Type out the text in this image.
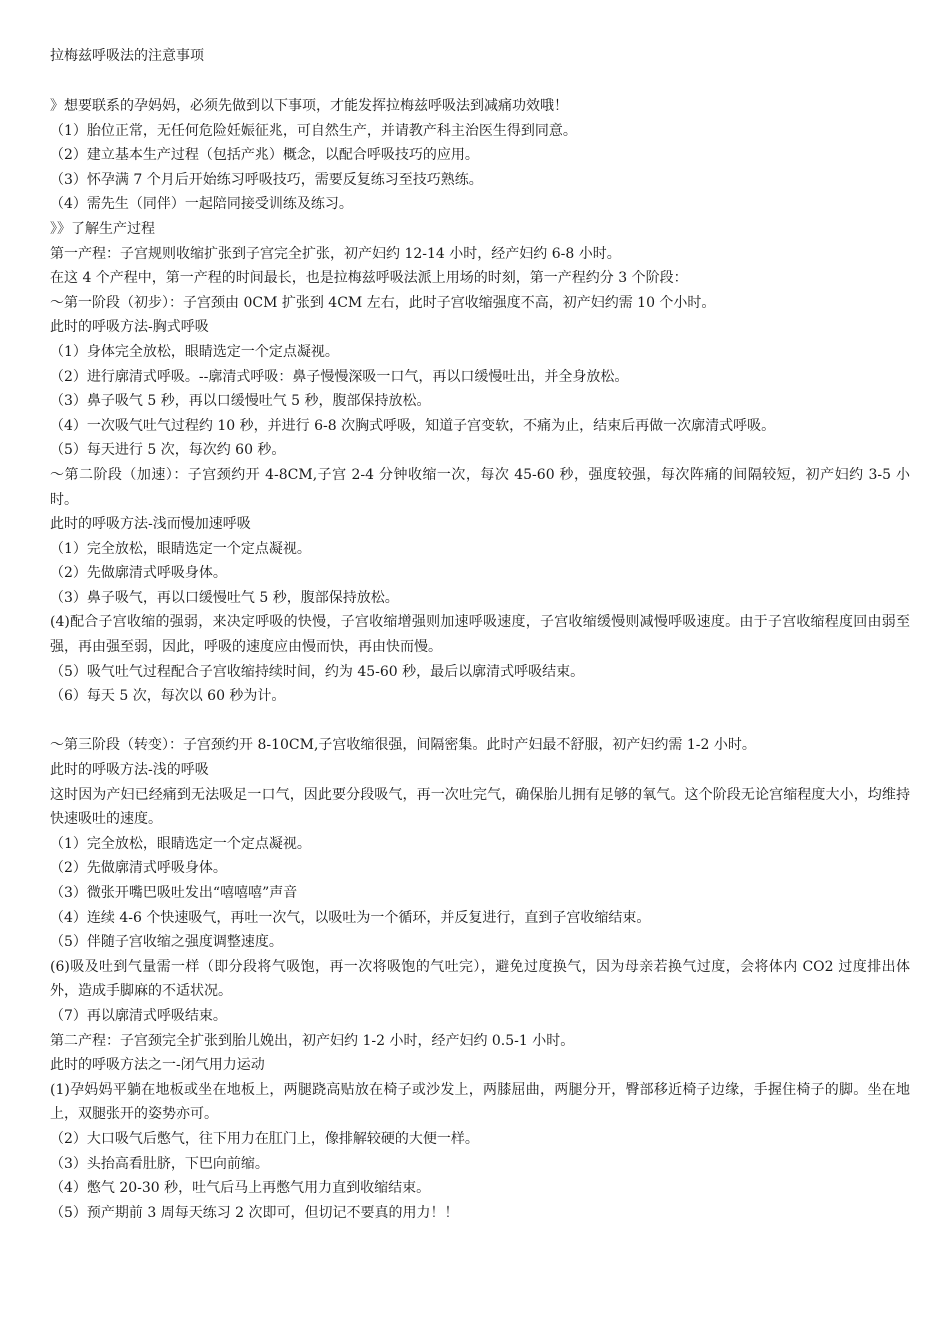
拉梅兹呼吸法的注意事项
》想要联系的孕妈妈，必须先做到以下事项，才能发挥拉梅兹呼吸法到减痛功效哦！
（1）胎位正常，无任何危险妊娠征兆，可自然生产，并请教产科主治医生得到同意。
（2）建立基本生产过程（包括产兆）概念，以配合呼吸技巧的应用。
（3）怀孕满 7 个月后开始练习呼吸技巧，需要反复练习至技巧熟练。
（4）需先生（同伴）一起陪同接受训练及练习。
》》了解生产过程
第一产程：子宫规则收缩扩张到子宫完全扩张，初产妇约 12-14 小时，经产妇约 6-8 小时。
在这 4 个产程中，第一产程的时间最长，也是拉梅兹呼吸法派上用场的时刻，第一产程约分 3 个阶段：
～第一阶段（初步）：子宫颈由 0CM 扩张到 4CM 左右，此时子宫收缩强度不高，初产妇约需 10 个小时。
此时的呼吸方法-胸式呼吸
（1）身体完全放松，眼睛选定一个定点凝视。
（2）进行廓清式呼吸。--廓清式呼吸：鼻子慢慢深吸一口气，再以口缓慢吐出，并全身放松。
（3）鼻子吸气 5 秒，再以口缓慢吐气 5 秒，腹部保持放松。
（4）一次吸气吐气过程约 10 秒，并进行 6-8 次胸式呼吸，知道子宫变软，不痛为止，结束后再做一次廓清式呼吸。
（5）每天进行 5 次，每次约 60 秒。
～第二阶段（加速）：子宫颈约开 4-8CM,子宫 2-4 分钟收缩一次，每次 45-60 秒，强度较强，每次阵痛的间隔较短，初产妇约 3-5 小时。
此时的呼吸方法-浅而慢加速呼吸
（1）完全放松，眼睛选定一个定点凝视。
（2）先做廓清式呼吸身体。
（3）鼻子吸气，再以口缓慢吐气 5 秒，腹部保持放松。
(4)配合子宫收缩的强弱，来决定呼吸的快慢，子宫收缩增强则加速呼吸速度，子宫收缩缓慢则减慢呼吸速度。由于子宫收缩程度回由弱至强，再由强至弱，因此，呼吸的速度应由慢而快，再由快而慢。
（5）吸气吐气过程配合子宫收缩持续时间，约为 45-60 秒，最后以廓清式呼吸结束。
（6）每天 5 次，每次以 60 秒为计。
～第三阶段（转变）：子宫颈约开 8-10CM,子宫收缩很强，间隔密集。此时产妇最不舒服，初产妇约需 1-2 小时。
此时的呼吸方法-浅的呼吸
这时因为产妇已经痛到无法吸足一口气，因此要分段吸气，再一次吐完气，确保胎儿拥有足够的氧气。这个阶段无论宫缩程度大小，均维持快速吸吐的速度。
（1）完全放松，眼睛选定一个定点凝视。
（2）先做廓清式呼吸身体。
（3）微张开嘴巴吸吐发出“嘻嘻嘻”声音
（4）连续 4-6 个快速吸气，再吐一次气，以吸吐为一个循环，并反复进行，直到子宫收缩结束。
（5）伴随子宫收缩之强度调整速度。
(6)吸及吐到气量需一样（即分段将气吸饱，再一次将吸饱的气吐完），避免过度换气，因为母亲若换气过度，会将体内 CO2 过度排出体外，造成手脚麻的不适状况。
（7）再以廓清式呼吸结束。
第二产程：子宫颈完全扩张到胎儿娩出，初产妇约 1-2 小时，经产妇约 0.5-1 小时。
此时的呼吸方法之一-闭气用力运动
(1)孕妈妈平躺在地板或坐在地板上，两腿跷高贴放在椅子或沙发上，两膝屈曲，两腿分开，臀部移近椅子边缘，手握住椅子的脚。坐在地上，双腿张开的姿势亦可。
（2）大口吸气后憋气，往下用力在肛门上，像排解较硬的大便一样。
（3）头抬高看肚脐，下巴向前缩。
（4）憋气 20-30 秒，吐气后马上再憋气用力直到收缩结束。
（5）预产期前 3 周每天练习 2 次即可，但切记不要真的用力！！
